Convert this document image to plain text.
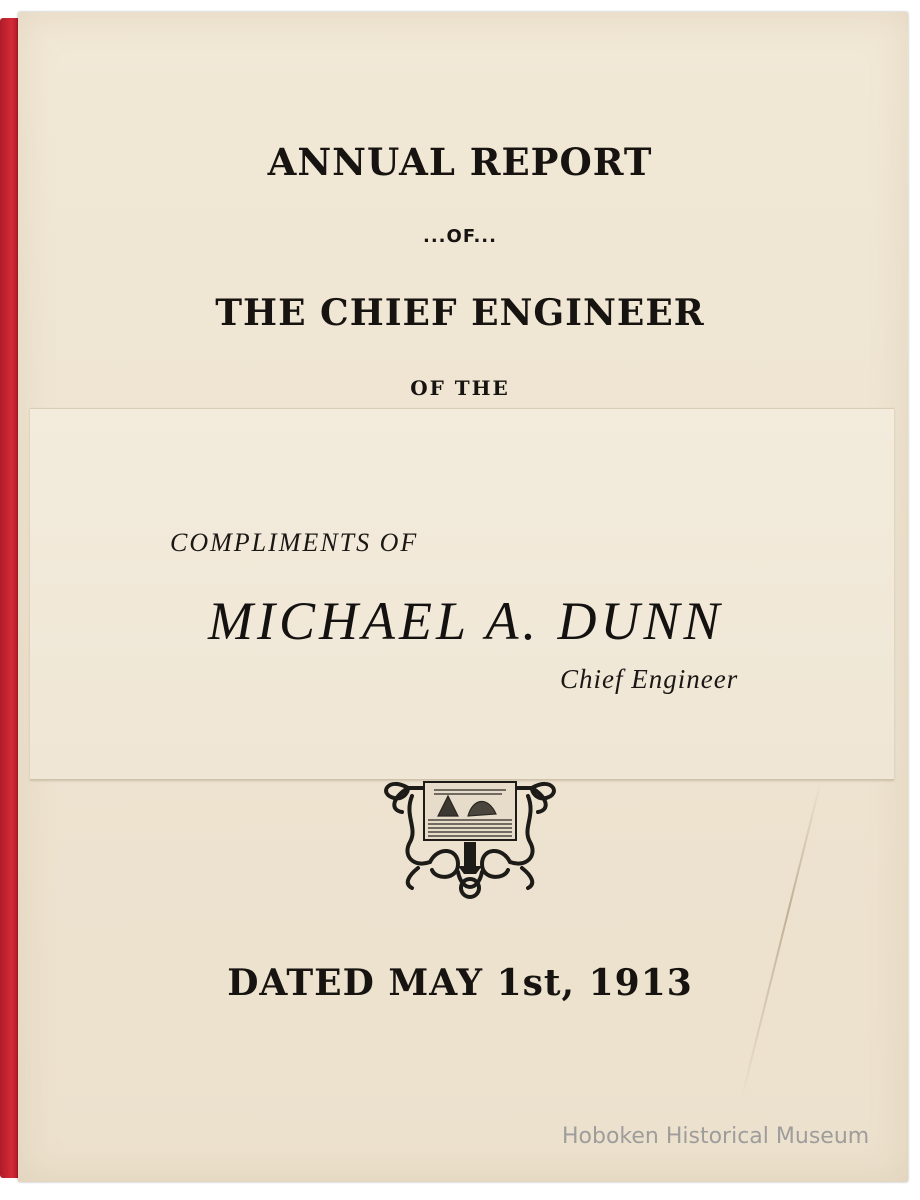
ANNUAL REPORT

...OF...

THE CHIEF ENGINEER

OF THE

COMPLIMENTS OF

MICHAEL A. DUNN

Chief Engineer

DATED MAY 1st, 1913

Hoboken Historical Museum
